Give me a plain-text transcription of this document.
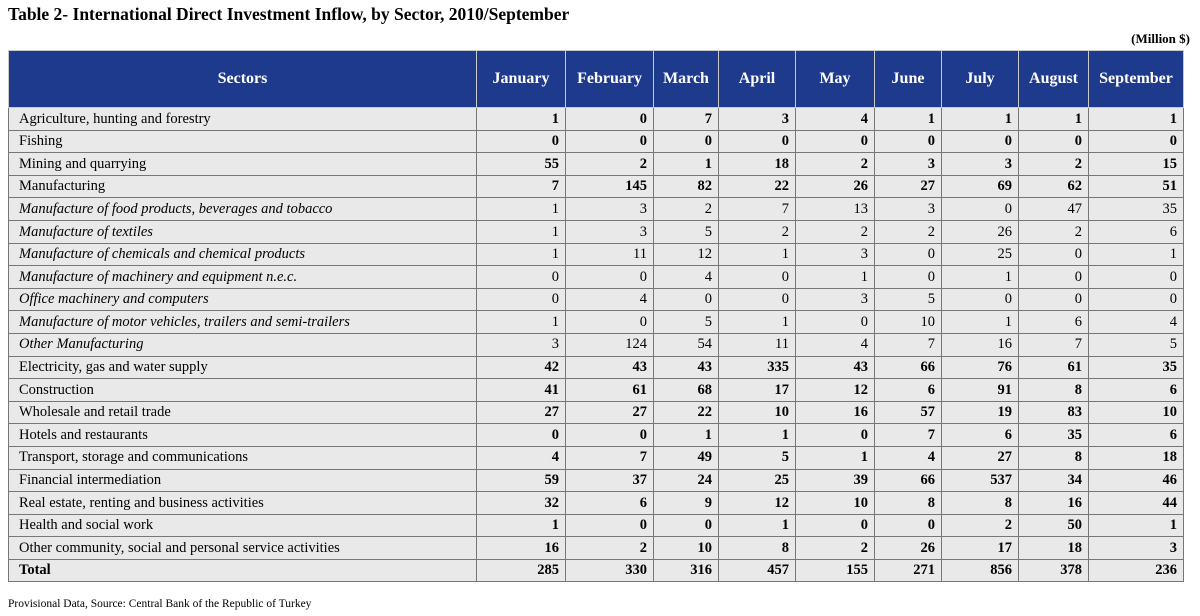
Table 2- International Direct Investment Inflow, by Sector, 2010/September
(Million $)
Sectors	January	February	March	April	May	June	July	August	September
Agriculture, hunting and forestry	1	0	7	3	4	1	1	1	1
Fishing	0	0	0	0	0	0	0	0	0
Mining and quarrying	55	2	1	18	2	3	3	2	15
Manufacturing	7	145	82	22	26	27	69	62	51
Manufacture of food products, beverages and tobacco	1	3	2	7	13	3	0	47	35
Manufacture of textiles	1	3	5	2	2	2	26	2	6
Manufacture of chemicals and chemical products	1	11	12	1	3	0	25	0	1
Manufacture of machinery and equipment n.e.c.	0	0	4	0	1	0	1	0	0
Office machinery and computers	0	4	0	0	3	5	0	0	0
Manufacture of motor vehicles, trailers and semi-trailers	1	0	5	1	0	10	1	6	4
Other Manufacturing	3	124	54	11	4	7	16	7	5
Electricity, gas and water supply	42	43	43	335	43	66	76	61	35
Construction	41	61	68	17	12	6	91	8	6
Wholesale and retail trade	27	27	22	10	16	57	19	83	10
Hotels and restaurants	0	0	1	1	0	7	6	35	6
Transport, storage and communications	4	7	49	5	1	4	27	8	18
Financial intermediation	59	37	24	25	39	66	537	34	46
Real estate, renting and business activities	32	6	9	12	10	8	8	16	44
Health and social work	1	0	0	1	0	0	2	50	1
Other community, social and personal service activities	16	2	10	8	2	26	17	18	3
Total	285	330	316	457	155	271	856	378	236
Provisional Data, Source: Central Bank of the Republic of Turkey
